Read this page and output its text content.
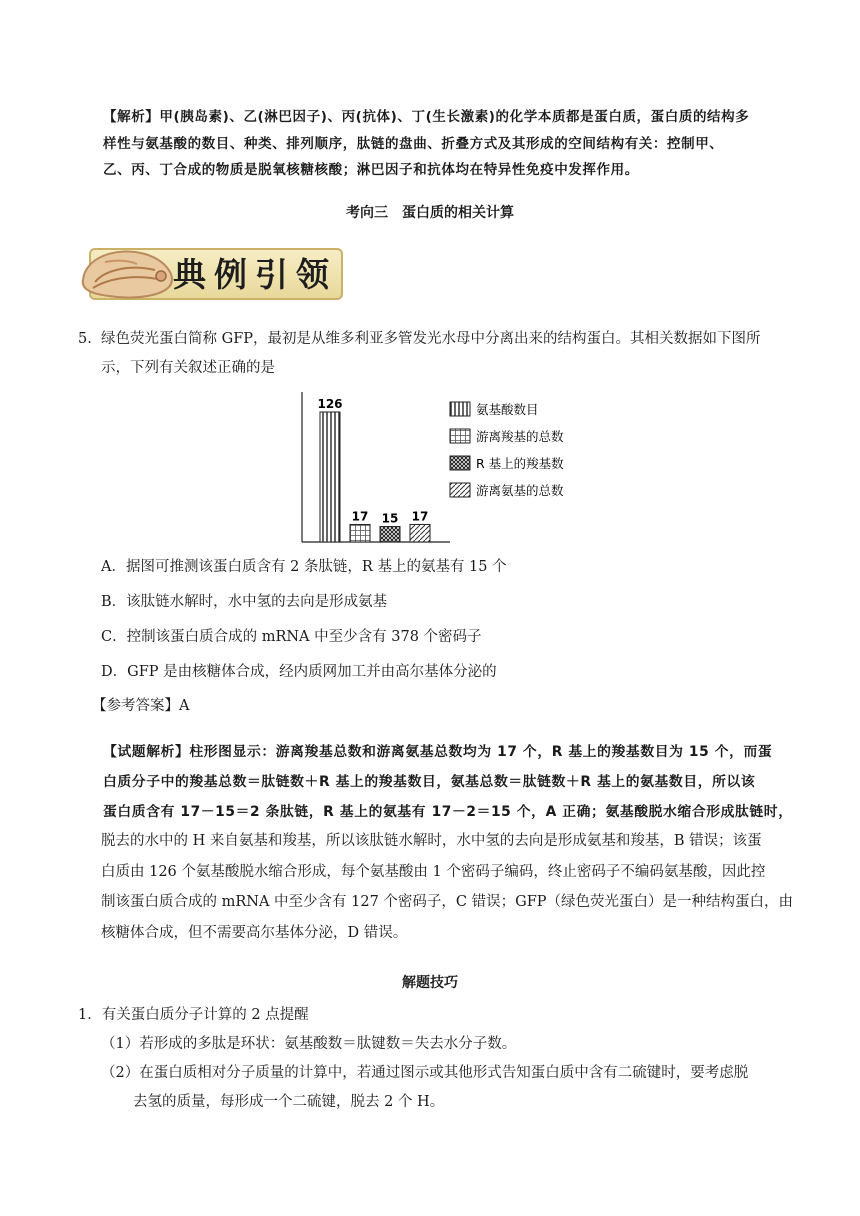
【解析】甲(胰岛素)、乙(淋巴因子)、丙(抗体)、丁(生长激素)的化学本质都是蛋白质，蛋白质的结构多
样性与氨基酸的数目、种类、排列顺序，肽链的盘曲、折叠方式及其形成的空间结构有关：控制甲、
乙、丙、丁合成的物质是脱氧核糖核酸；淋巴因子和抗体均在特异性免疫中发挥作用。
考向三　蛋白质的相关计算
典例引领
5. 绿色荧光蛋白简称 GFP，最初是从维多利亚多管发光水母中分离出来的结构蛋白。其相关数据如下图所
示，下列有关叙述正确的是
126
17 15 17
氨基酸数目
游离羧基的总数
R 基上的羧基数
游离氨基的总数
A．据图可推测该蛋白质含有 2 条肽链，R 基上的氨基有 15 个
B．该肽链水解时，水中氢的去向是形成氨基
C．控制该蛋白质合成的 mRNA 中至少含有 378 个密码子
D．GFP 是由核糖体合成，经内质网加工并由高尔基体分泌的
【参考答案】A
【试题解析】柱形图显示：游离羧基总数和游离氨基总数均为 17 个，R 基上的羧基数目为 15 个，而蛋
白质分子中的羧基总数＝肽链数＋R 基上的羧基数目，氨基总数＝肽链数＋R 基上的氨基数目，所以该
蛋白质含有 17－15＝2 条肽链，R 基上的氨基有 17－2＝15 个，A 正确；氨基酸脱水缩合形成肽链时，
脱去的水中的 H 来自氨基和羧基，所以该肽链水解时，水中氢的去向是形成氨基和羧基，B 错误；该蛋
白质由 126 个氨基酸脱水缩合形成，每个氨基酸由 1 个密码子编码，终止密码子不编码氨基酸，因此控
制该蛋白质合成的 mRNA 中至少含有 127 个密码子，C 错误；GFP（绿色荧光蛋白）是一种结构蛋白，由
核糖体合成，但不需要高尔基体分泌，D 错误。
解题技巧
1．有关蛋白质分子计算的 2 点提醒
（1）若形成的多肽是环状：氨基酸数＝肽键数＝失去水分子数。
（2）在蛋白质相对分子质量的计算中，若通过图示或其他形式告知蛋白质中含有二硫键时，要考虑脱
去氢的质量，每形成一个二硫键，脱去 2 个 H。
